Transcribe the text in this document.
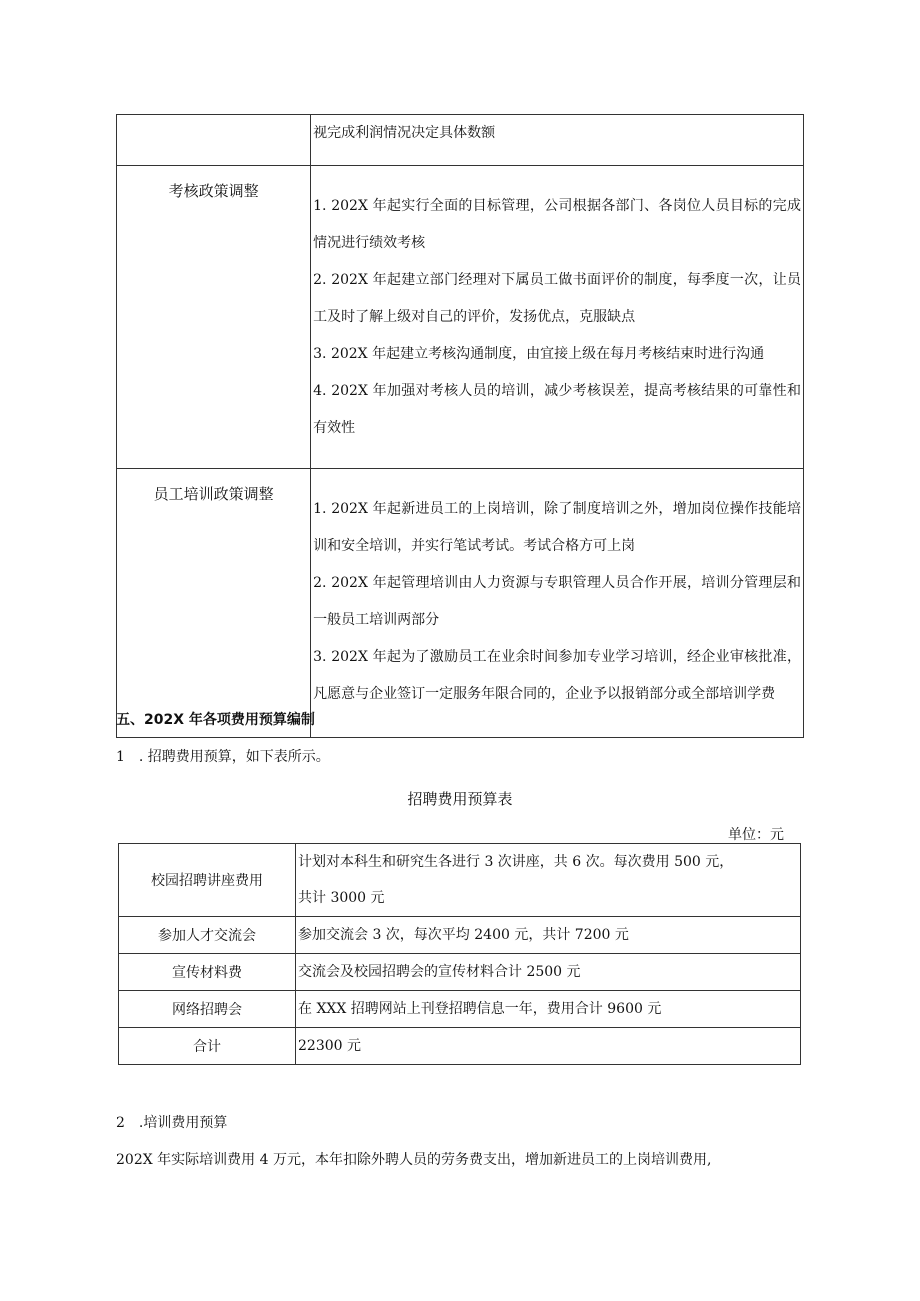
	视完成利润情况决定具体数额
考核政策调整	1. 202X 年起实行全面的目标管理，公司根据各部门、各岗位人员目标的完成情况进行绩效考核
2. 202X 年起建立部门经理对下属员工做书面评价的制度，每季度一次，让员工及时了解上级对自己的评价，发扬优点，克服缺点
3. 202X 年起建立考核沟通制度，由宜接上级在每月考核结束时进行沟通
4. 202X 年加强对考核人员的培训，减少考核误差，提高考核结果的可靠性和有效性

员工培训政策调整	1. 202X 年起新进员工的上岗培训，除了制度培训之外，增加岗位操作技能培训和安全培训，并实行笔试考试。考试合格方可上岗
2. 202X 年起管理培训由人力资源与专职管理人员合作开展，培训分管理层和一般员工培训两部分
3. 202X 年起为了激励员工在业余时间参加专业学习培训，经企业审核批准，凡愿意与企业签订一定服务年限合同的，企业予以报销部分或全部培训学费
五、202X 年各项费用预算编制
1　. 招聘费用预算，如下表所示。
招聘费用预算表
单位：元
校园招聘讲座费用	计划对本科生和研究生各进行 3 次讲座，共 6 次。每次费用 500 元，
共计 3000 元

参加人才交流会	参加交流会 3 次，每次平均 2400 元，共计 7200 元
宣传材料费	交流会及校园招聘会的宣传材料合计 2500 元
网络招聘会	在 XXX 招聘网站上刊登招聘信息一年，费用合计 9600 元
合计	22300 元
2　.培训费用预算
202X 年实际培训费用 4 万元，本年扣除外聘人员的劳务费支出，增加新进员工的上岗培训费用,
